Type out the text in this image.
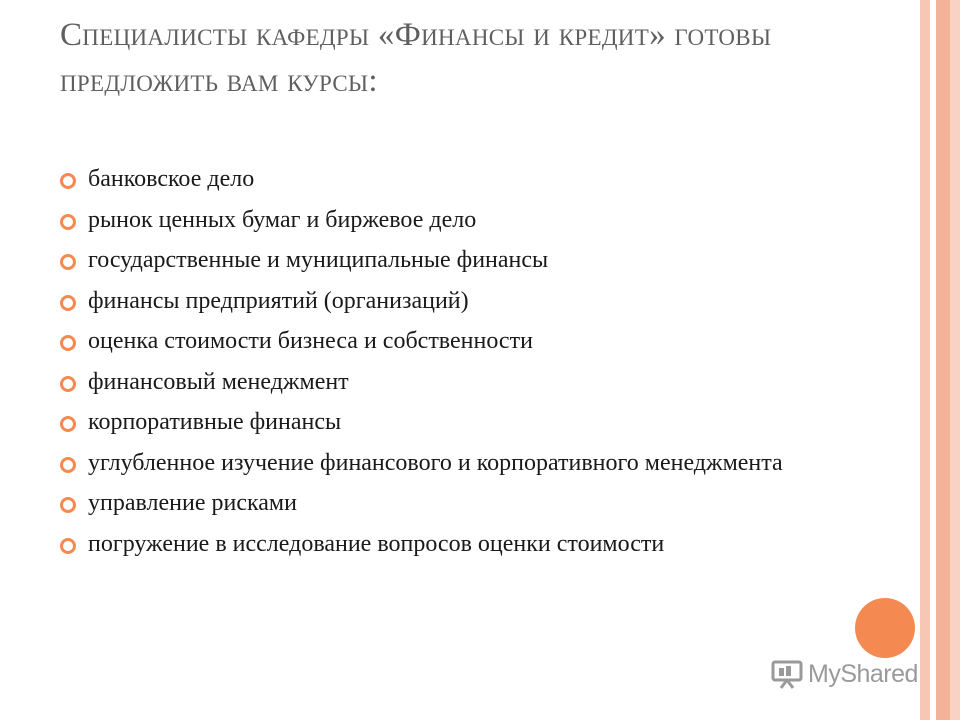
Специалисты кафедры «Финансы и кредит» готовы предложить вам курсы:
банковское дело
рынок ценных бумаг и биржевое дело
государственные и муниципальные финансы
финансы предприятий (организаций)
оценка стоимости бизнеса и собственности
финансовый менеджмент
корпоративные финансы
углубленное изучение финансового и корпоративного менеджмента
управление рисками
погружение в исследование вопросов оценки стоимости
MyShared
